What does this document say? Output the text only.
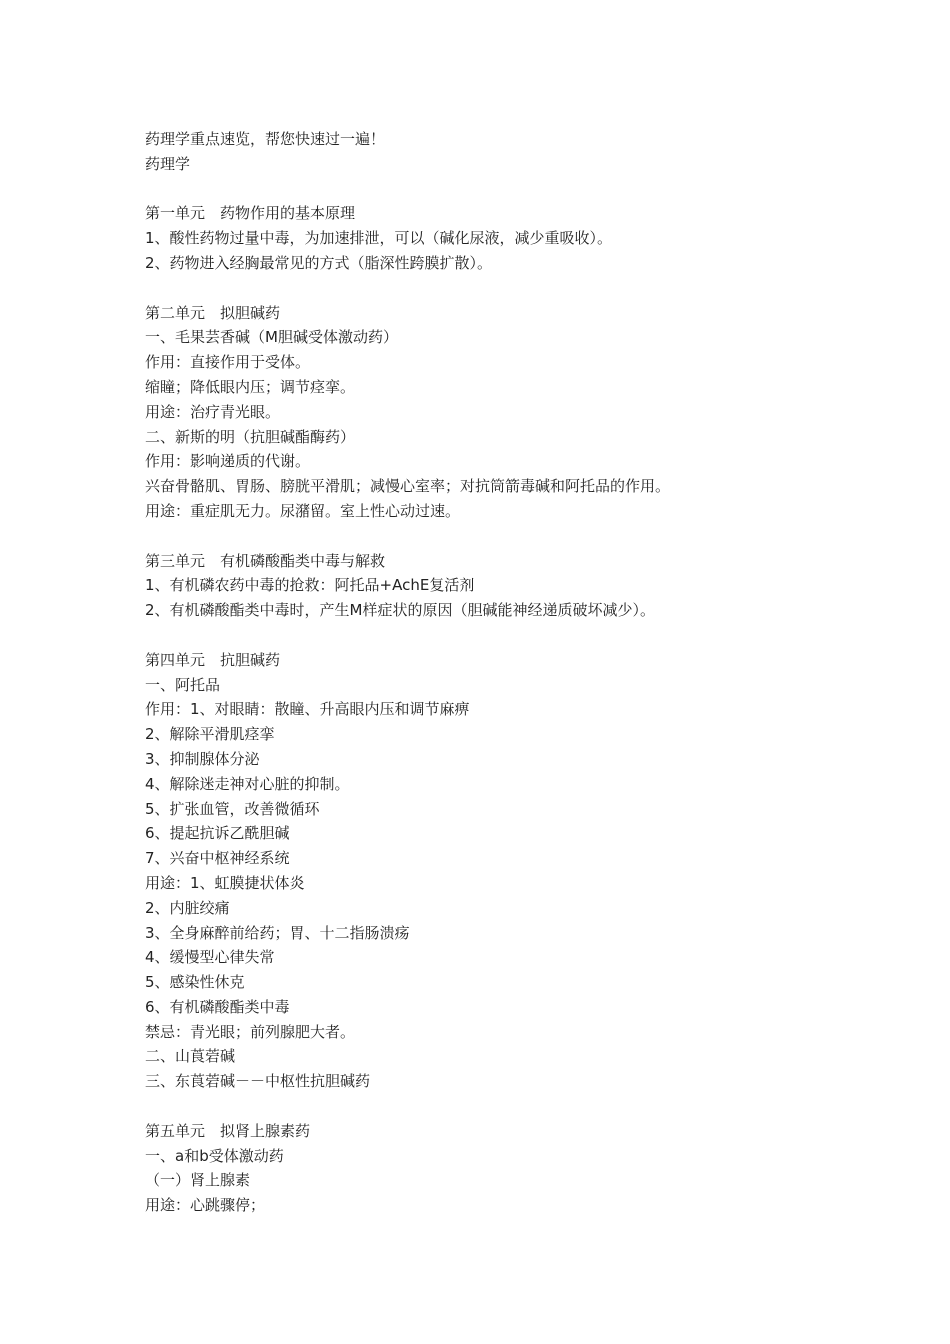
药理学重点速览，帮您快速过一遍！

药理学

第一单元　药物作用的基本原理

1、酸性药物过量中毒，为加速排泄，可以（碱化尿液，减少重吸收）。

2、药物进入经胸最常见的方式（脂深性跨膜扩散）。

第二单元　拟胆碱药

一、毛果芸香碱（M胆碱受体激动药）

作用：直接作用于受体。

缩瞳；降低眼内压；调节痉挛。

用途：治疗青光眼。

二、新斯的明（抗胆碱酯酶药）

作用：影响递质的代谢。

兴奋骨骼肌、胃肠、膀胱平滑肌；减慢心室率；对抗筒箭毒碱和阿托品的作用。

用途：重症肌无力。尿潴留。室上性心动过速。

第三单元　有机磷酸酯类中毒与解救

1、有机磷农药中毒的抢救：阿托品+AchE复活剂

2、有机磷酸酯类中毒时，产生M样症状的原因（胆碱能神经递质破坏减少）。

第四单元　抗胆碱药

一、阿托品

作用：1、对眼睛：散瞳、升高眼内压和调节麻痹

2、解除平滑肌痉挛

3、抑制腺体分泌

4、解除迷走神对心脏的抑制。

5、扩张血管，改善微循环

6、提起抗诉乙酰胆碱

7、兴奋中枢神经系统

用途：1、虹膜捷状体炎

2、内脏绞痛

3、全身麻醉前给药；胃、十二指肠溃疡

4、缓慢型心律失常

5、感染性休克

6、有机磷酸酯类中毒

禁忌：青光眼；前列腺肥大者。

二、山莨菪碱

三、东莨菪碱－－中枢性抗胆碱药

第五单元　拟肾上腺素药

一、a和b受体激动药

（一）肾上腺素

用途：心跳骤停；
